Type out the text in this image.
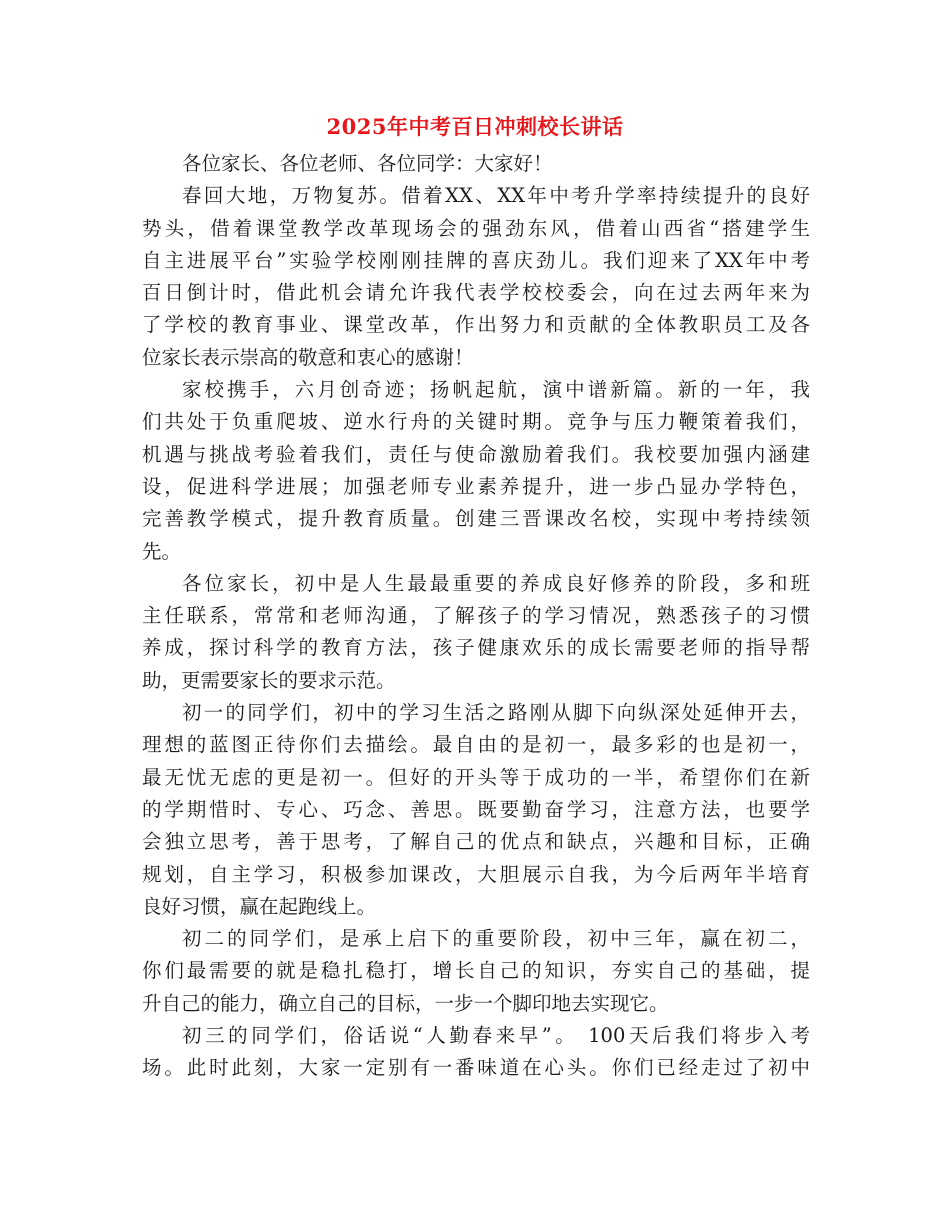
2025年中考百日冲刺校长讲话

各位家长、各位老师、各位同学：大家好！

春回大地，万物复苏。借着XX、XX年中考升学率持续提升的良好
势头，借着课堂教学改革现场会的强劲东风，借着山西省“搭建学生
自主进展平台”实验学校刚刚挂牌的喜庆劲儿。我们迎来了XX年中考
百日倒计时，借此机会请允许我代表学校校委会，向在过去两年来为
了学校的教育事业、课堂改革，作出努力和贡献的全体教职员工及各
位家长表示崇高的敬意和衷心的感谢！

家校携手，六月创奇迹；扬帆起航，演中谱新篇。新的一年，我
们共处于负重爬坡、逆水行舟的关键时期。竞争与压力鞭策着我们，
机遇与挑战考验着我们，责任与使命激励着我们。我校要加强内涵建
设，促进科学进展；加强老师专业素养提升，进一步凸显办学特色，
完善教学模式，提升教育质量。创建三晋课改名校，实现中考持续领
先。

各位家长，初中是人生最最重要的养成良好修养的阶段，多和班
主任联系，常常和老师沟通，了解孩子的学习情况，熟悉孩子的习惯
养成，探讨科学的教育方法，孩子健康欢乐的成长需要老师的指导帮
助，更需要家长的要求示范。

初一的同学们，初中的学习生活之路刚从脚下向纵深处延伸开去，
理想的蓝图正待你们去描绘。最自由的是初一，最多彩的也是初一，
最无忧无虑的更是初一。但好的开头等于成功的一半，希望你们在新
的学期惜时、专心、巧念、善思。既要勤奋学习，注意方法，也要学
会独立思考，善于思考，了解自己的优点和缺点，兴趣和目标，正确
规划，自主学习，积极参加课改，大胆展示自我，为今后两年半培育
良好习惯，赢在起跑线上。

初二的同学们，是承上启下的重要阶段，初中三年，赢在初二，
你们最需要的就是稳扎稳打，增长自己的知识，夯实自己的基础，提
升自己的能力，确立自己的目标，一步一个脚印地去实现它。

初三的同学们，俗话说“人勤春来早”。 100天后我们将步入考
场。此时此刻，大家一定别有一番味道在心头。你们已经走过了初中
